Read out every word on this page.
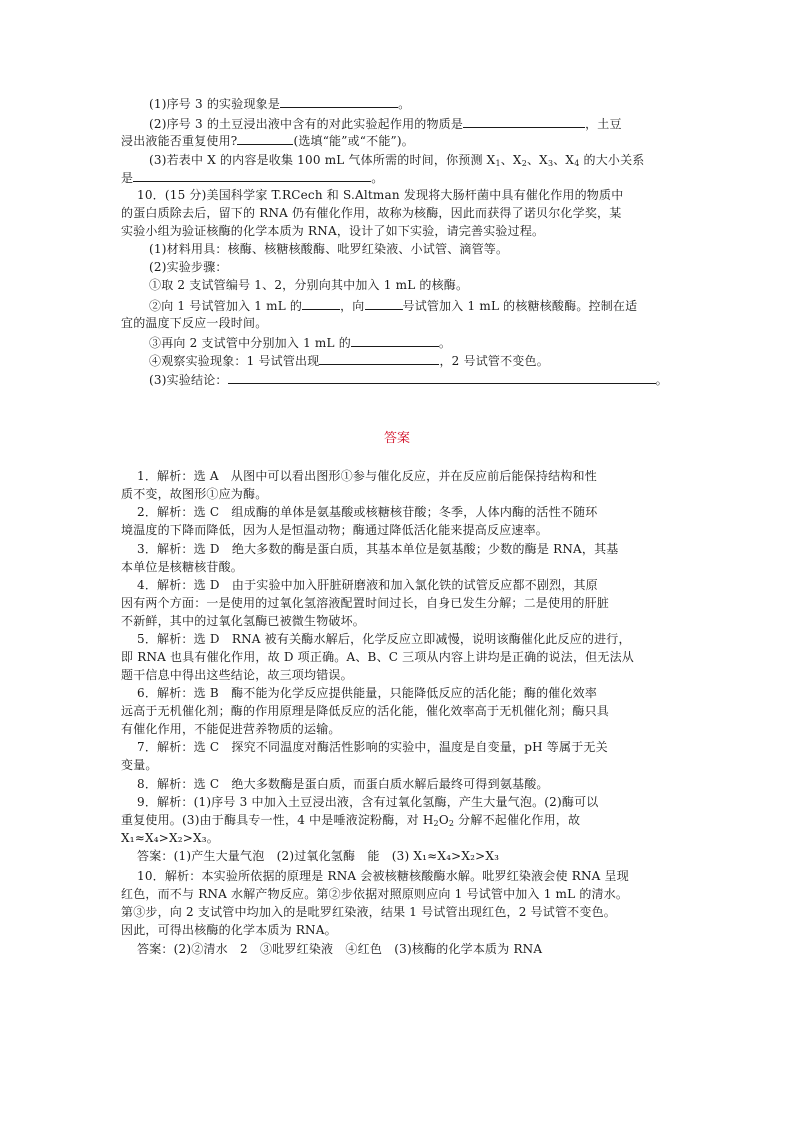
(1)序号 3 的实验现象是	。
(2)序号 3 的土豆浸出液中含有的对此实验起作用的物质是	，土豆
浸出液能否重复使用?	(选填“能”或“不能”)。
(3)若表中 X 的内容是收集 100 mL 气体所需的时间，你预测 $X_1$、$X_2$、$X_3$、$X_4$ 的大小关系
是	。
10．(15 分)美国科学家 T.RCech 和 S.Altman 发现将大肠杆菌中具有催化作用的物质中
的蛋白质除去后，留下的 RNA 仍有催化作用，故称为核酶，因此而获得了诺贝尔化学奖，某
实验小组为验证核酶的化学本质为 RNA，设计了如下实验，请完善实验过程。
(1)材料用具：核酶、核糖核酸酶、吡罗红染液、小试管、滴管等。
(2)实验步骤：
①取 2 支试管编号 1、2，分别向其中加入 1 mL 的核酶。
②向 1 号试管加入 1 mL 的	，向	号试管加入 1 mL 的核糖核酸酶。控制在适
宜的温度下反应一段时间。
③再向 2 支试管中分别加入 1 mL 的	。
④观察实验现象：1 号试管出现	，2 号试管不变色。
(3)实验结论：	。
答案
1．解析：选 A　从图中可以看出图形①参与催化反应，并在反应前后能保持结构和性
质不变，故图形①应为酶。
2．解析：选 C　组成酶的单体是氨基酸或核糖核苷酸；冬季，人体内酶的活性不随环
境温度的下降而降低，因为人是恒温动物；酶通过降低活化能来提高反应速率。
3．解析：选 D　绝大多数的酶是蛋白质，其基本单位是氨基酸；少数的酶是 RNA，其基
本单位是核糖核苷酸。
4．解析：选 D　由于实验中加入肝脏研磨液和加入氯化铁的试管反应都不剧烈，其原
因有两个方面：一是使用的过氧化氢溶液配置时间过长，自身已发生分解；二是使用的肝脏
不新鲜，其中的过氧化氢酶已被微生物破坏。
5．解析：选 D　RNA 被有关酶水解后，化学反应立即减慢，说明该酶催化此反应的进行，
即 RNA 也具有催化作用，故 D 项正确。A、B、C 三项从内容上讲均是正确的说法，但无法从
题干信息中得出这些结论，故三项均错误。
6．解析：选 B　酶不能为化学反应提供能量，只能降低反应的活化能；酶的催化效率
远高于无机催化剂；酶的作用原理是降低反应的活化能，催化效率高于无机催化剂；酶只具
有催化作用，不能促进营养物质的运输。
7．解析：选 C　探究不同温度对酶活性影响的实验中，温度是自变量，pH 等属于无关
变量。
8．解析：选 C　绝大多数酶是蛋白质，而蛋白质水解后最终可得到氨基酸。
9．解析：(1)序号 3 中加入土豆浸出液，含有过氧化氢酶，产生大量气泡。(2)酶可以
重复使用。(3)由于酶具专一性，4 中是唾液淀粉酶，对 $H_2O_2$ 分解不起催化作用，故
X₁≈X₄>X₂>X₃。
答案：(1)产生大量气泡　(2)过氧化氢酶　能　(3) X₁≈X₄>X₂>X₃
10．解析：本实验所依据的原理是 RNA 会被核糖核酸酶水解。吡罗红染液会使 RNA 呈现
红色，而不与 RNA 水解产物反应。第②步依据对照原则应向 1 号试管中加入 1 mL 的清水。
第③步，向 2 支试管中均加入的是吡罗红染液，结果 1 号试管出现红色，2 号试管不变色。
因此，可得出核酶的化学本质为 RNA。
答案：(2)②清水　2　③吡罗红染液　④红色　(3)核酶的化学本质为 RNA
